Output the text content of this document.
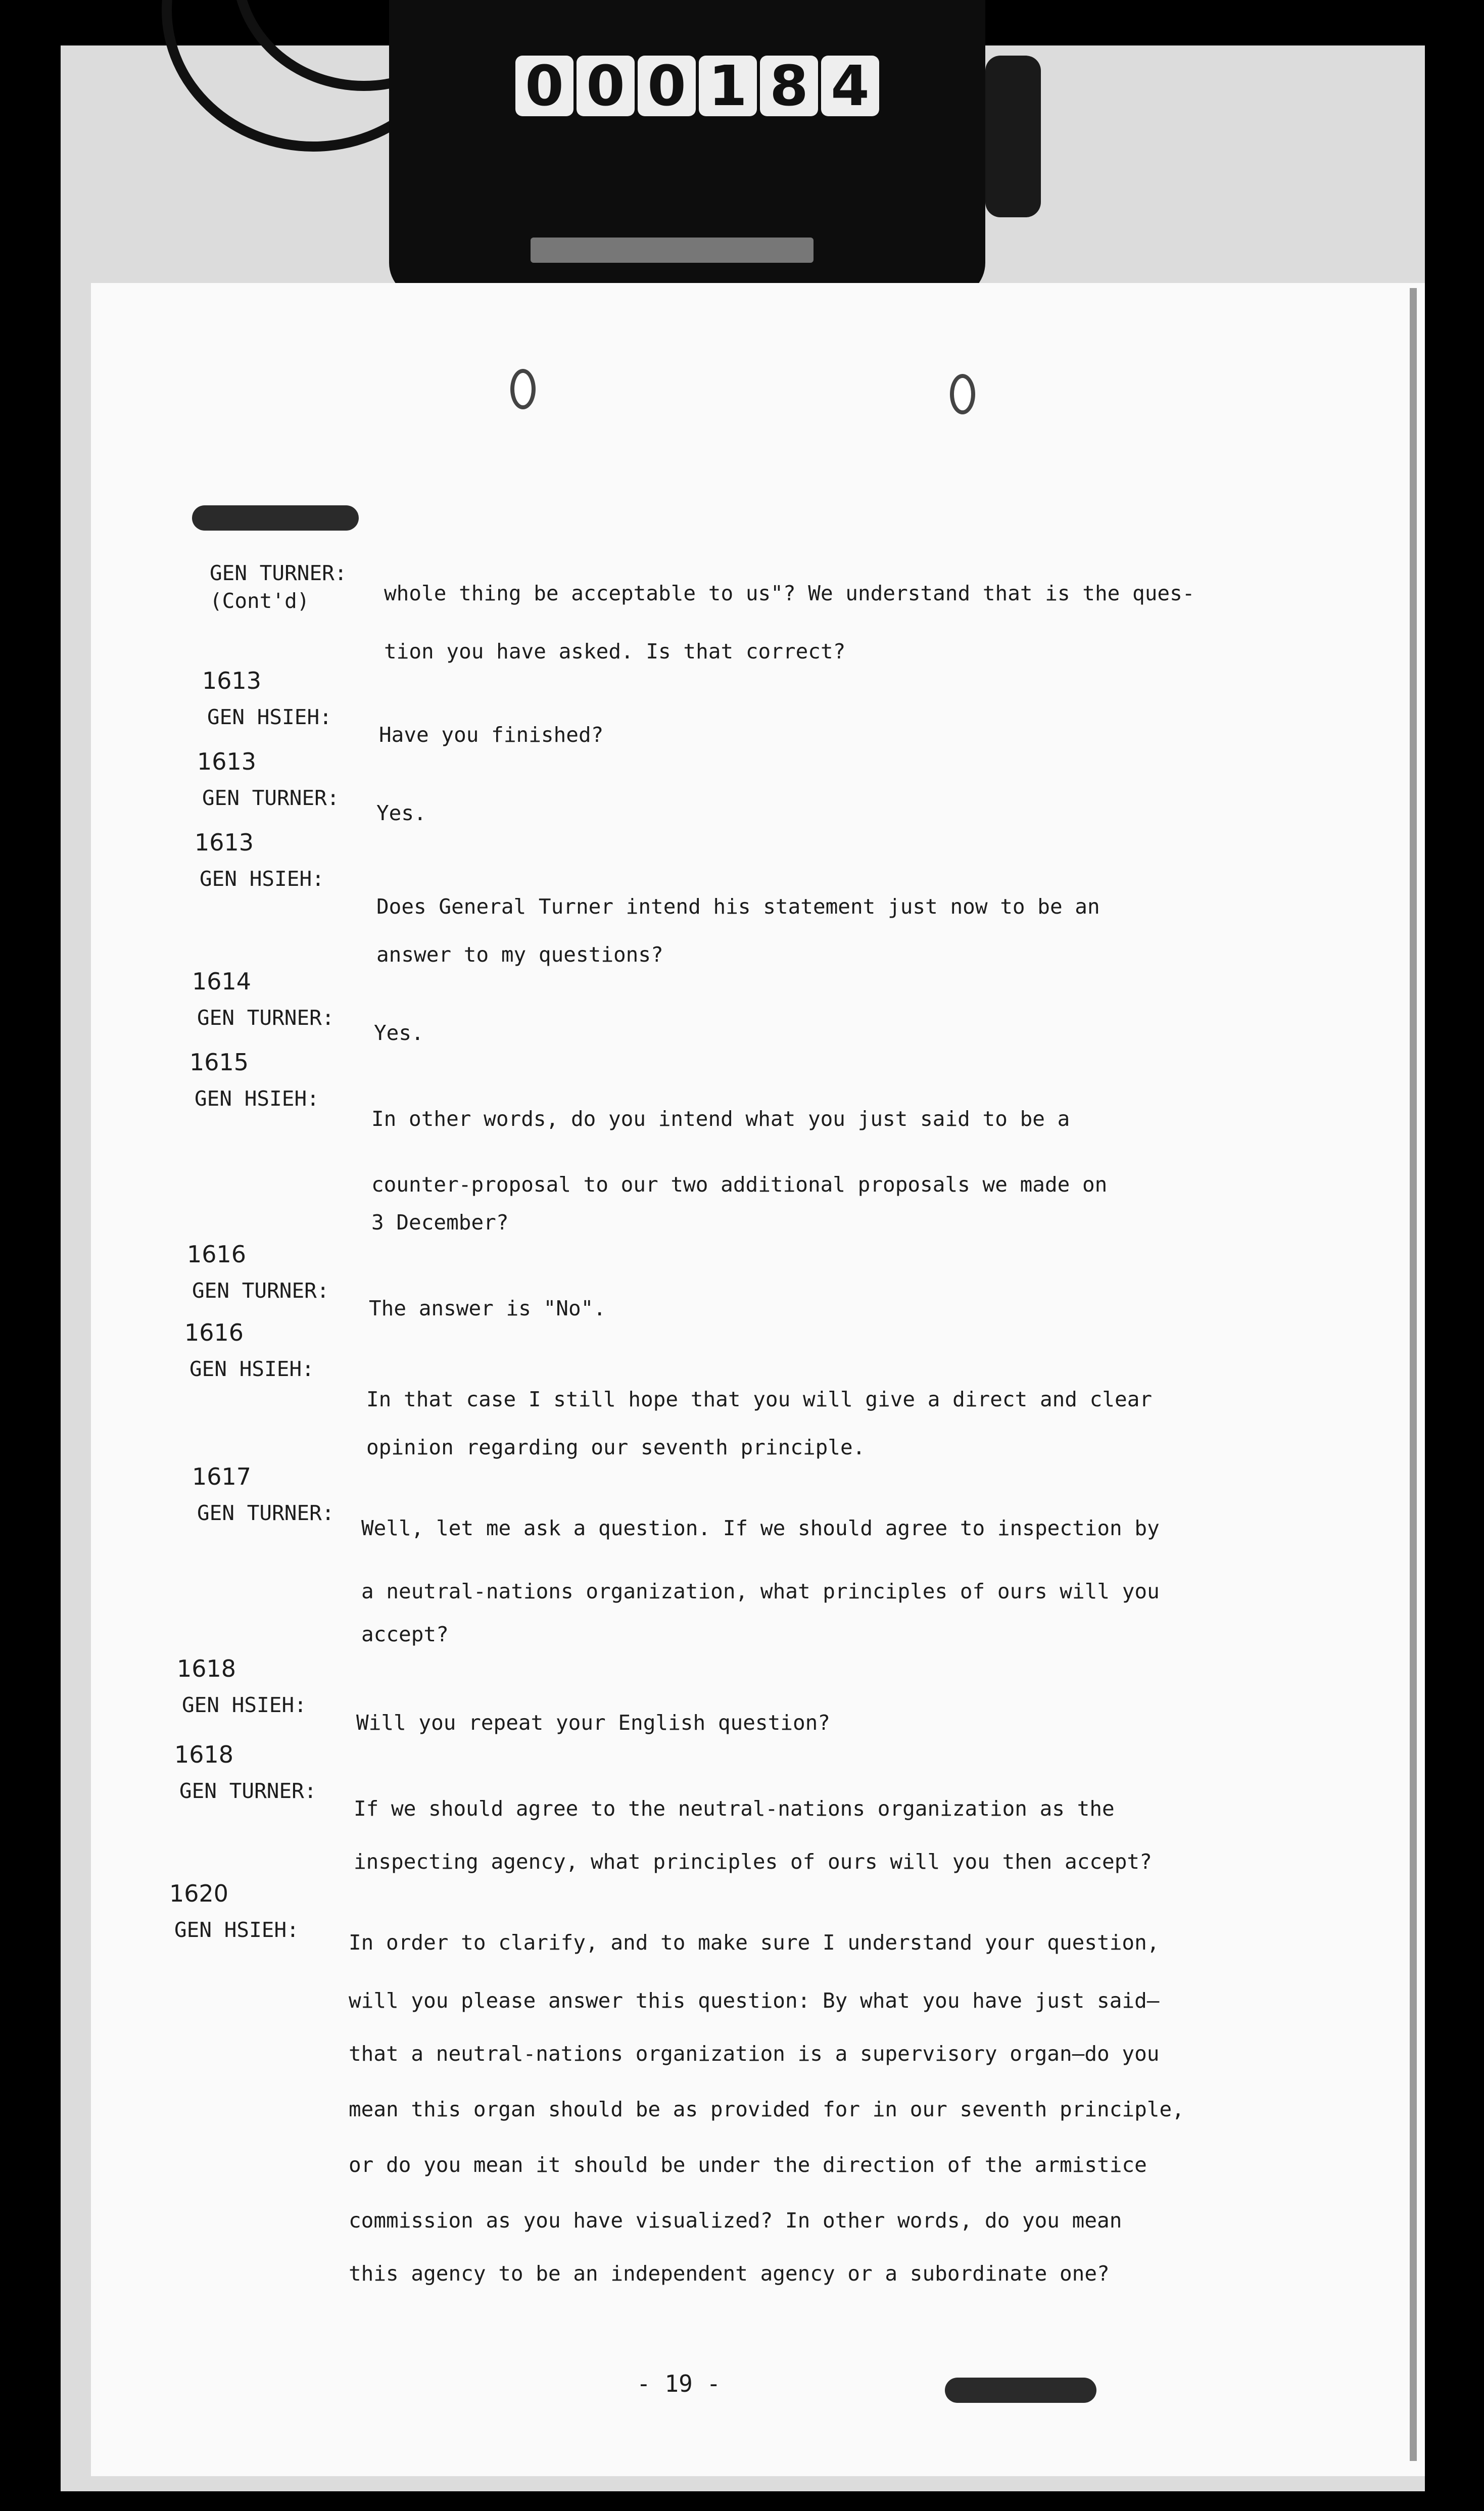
0 0 0 1 8 4
RESTRICTED
RESTRICTED
GEN TURNER:
(Cont'd)	whole thing be acceptable to us"? We understand that is the ques-
tion you have asked. Is that correct?
1613
GEN HSIEH:
Have you finished?
1613
GEN TURNER:
Yes.
1613
GEN HSIEH:
Does General Turner intend his statement just now to be an
answer to my questions?
1614
GEN TURNER:
Yes.
1615
GEN HSIEH:
In other words, do you intend what you just said to be a
counter-proposal to our two additional proposals we made on
3 December?
1616
GEN TURNER:
The answer is "No".
1616
GEN HSIEH:
In that case I still hope that you will give a direct and clear
opinion regarding our seventh principle.
1617
GEN TURNER:
Well, let me ask a question. If we should agree to inspection by
a neutral-nations organization, what principles of ours will you
accept?
1618
GEN HSIEH:
Will you repeat your English question?
1618
GEN TURNER:
If we should agree to the neutral-nations organization as the
inspecting agency, what principles of ours will you then accept?
1620
GEN HSIEH:
In order to clarify, and to make sure I understand your question,
will you please answer this question: By what you have just said—
that a neutral-nations organization is a supervisory organ—do you
mean this organ should be as provided for in our seventh principle,
or do you mean it should be under the direction of the armistice
commission as you have visualized? In other words, do you mean
this agency to be an independent agency or a subordinate one?
- 19 -
